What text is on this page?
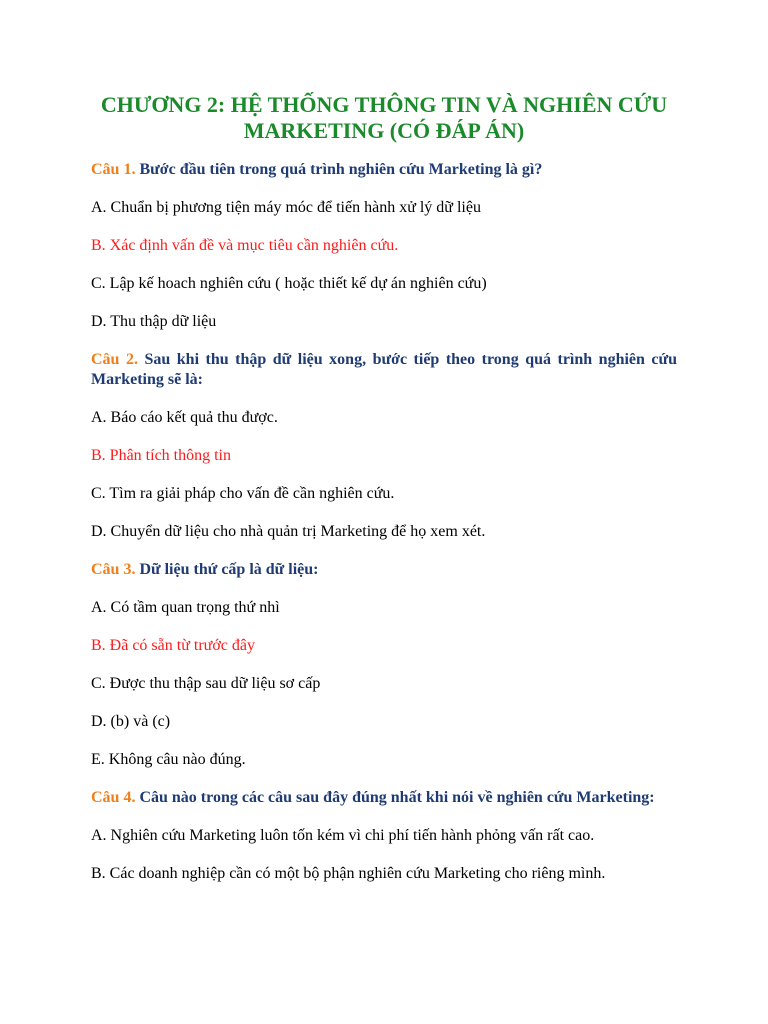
CHƯƠNG 2: HỆ THỐNG THÔNG TIN VÀ NGHIÊN CỨU
MARKETING (CÓ ĐÁP ÁN)
Câu 1. Bước đầu tiên trong quá trình nghiên cứu Marketing là gì?
A. Chuẩn bị phương tiện máy móc để tiến hành xử lý dữ liệu
B. Xác định vấn đề và mục tiêu cần nghiên cứu.
C. Lập kế hoach nghiên cứu ( hoặc thiết kế dự án nghiên cứu)
D. Thu thập dữ liệu
Câu 2. Sau khi thu thập dữ liệu xong, bước tiếp theo trong quá trình nghiên cứu Marketing sẽ là:
A. Báo cáo kết quả thu được.
B. Phân tích thông tin
C. Tìm ra giải pháp cho vấn đề cần nghiên cứu.
D. Chuyển dữ liệu cho nhà quản trị Marketing để họ xem xét.
Câu 3. Dữ liệu thứ cấp là dữ liệu:
A. Có tầm quan trọng thứ nhì
B. Đã có sẵn từ trước đây
C. Được thu thập sau dữ liệu sơ cấp
D. (b) và (c)
E. Không câu nào đúng.
Câu 4. Câu nào trong các câu sau đây đúng nhất khi nói về nghiên cứu Marketing:
A. Nghiên cứu Marketing luôn tốn kém vì chi phí tiến hành phỏng vấn rất cao.
B. Các doanh nghiệp cần có một bộ phận nghiên cứu Marketing cho riêng mình.
